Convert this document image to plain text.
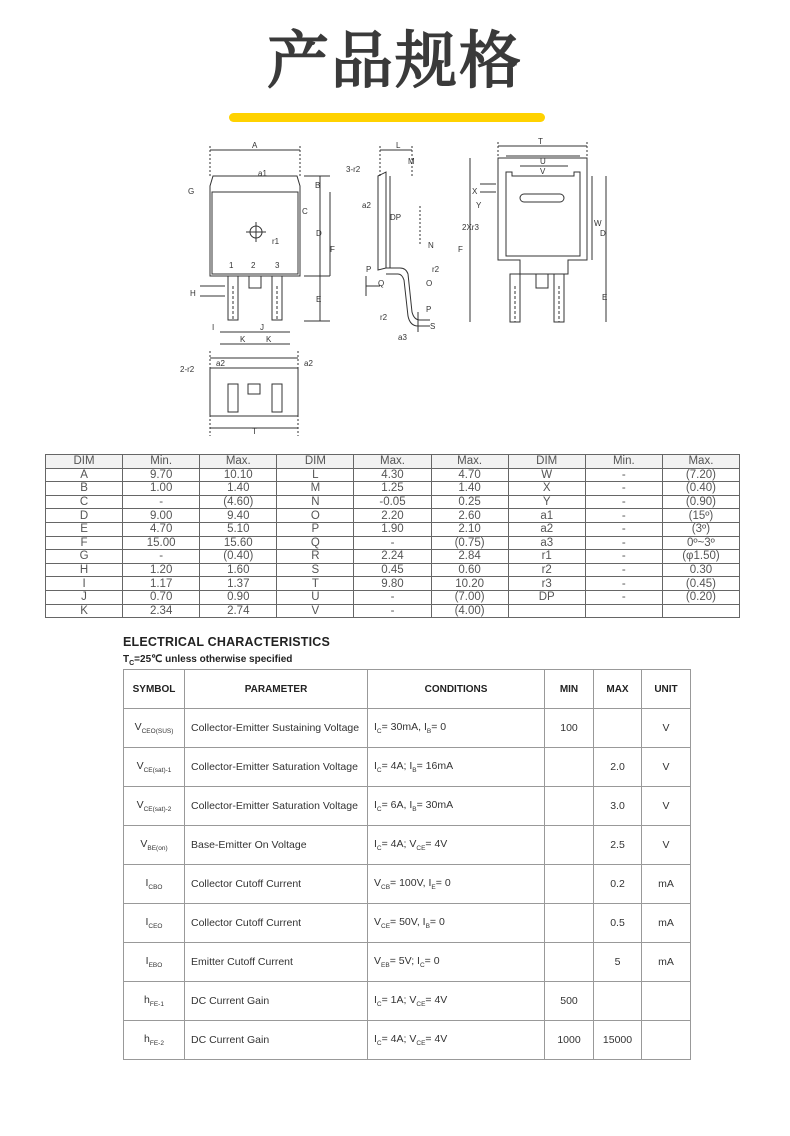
产品规格
A
a1
G
B
C
D
F
r1
1 2 3
H
E
I	J
K	K
L
M
3-r2
a2
DP
N
P
Q
r2
O
r2
P
S
a3
T
U
V
X
Y
2Xr3	W
D
F
E
2-r2
a2	a2
T
DIM	Min.	Max.	DIM	Max.	Max.	DIM	Min.	Max.
A	9.70	10.10	L	4.30	4.70	W	-	(7.20)
B	1.00	1.40	M	1.25	1.40	X	-	(0.40)
C	-	(4.60)	N	-0.05	0.25	Y	-	(0.90)
D	9.00	9.40	O	2.20	2.60	a1	-	(15º)
E	4.70	5.10	P	1.90	2.10	a2	-	(3º)
F	15.00	15.60	Q	-	(0.75)	a3	-	0º~3º
G	-	(0.40)	R	2.24	2.84	r1	-	(φ1.50)
H	1.20	1.60	S	0.45	0.60	r2	-	0.30
I	1.17	1.37	T	9.80	10.20	r3	-	(0.45)
J	0.70	0.90	U	-	(7.00)	DP	-	(0.20)
K	2.34	2.74	V	-	(4.00)			
ELECTRICAL CHARACTERISTICS
$T_C=25℃$ unless otherwise specified
SYMBOL	PARAMETER	CONDITIONS	MIN	MAX	UNIT
$V_{CEO(SUS)}$	Collector-Emitter Sustaining Voltage	$I_C= 30mA$, $I_B= 0$	100		V
$V_{CE(sat)-1}$	Collector-Emitter Saturation Voltage	$I_C= 4A$; $I_B= 16mA$		2.0	V
$V_{CE(sat)-2}$	Collector-Emitter Saturation Voltage	$I_C= 6A$, $I_B= 30mA$		3.0	V
$V_{BE(on)}$	Base-Emitter On Voltage	$I_C= 4A$; $V_{CE}= 4V$		2.5	V
$I_{CBO}$	Collector Cutoff Current	$V_{CB}= 100V$, $I_E= 0$		0.2	mA
$I_{CEO}$	Collector Cutoff Current	$V_{CE}= 50V$, $I_B= 0$		0.5	mA
$I_{EBO}$	Emitter Cutoff Current	$V_{EB}= 5V$; $I_C= 0$		5	mA
$h_{FE-1}$	DC Current Gain	$I_C= 1A$; $V_{CE}= 4V$	500		
$h_{FE-2}$	DC Current Gain	$I_C= 4A$; $V_{CE}= 4V$	1000	15000	
